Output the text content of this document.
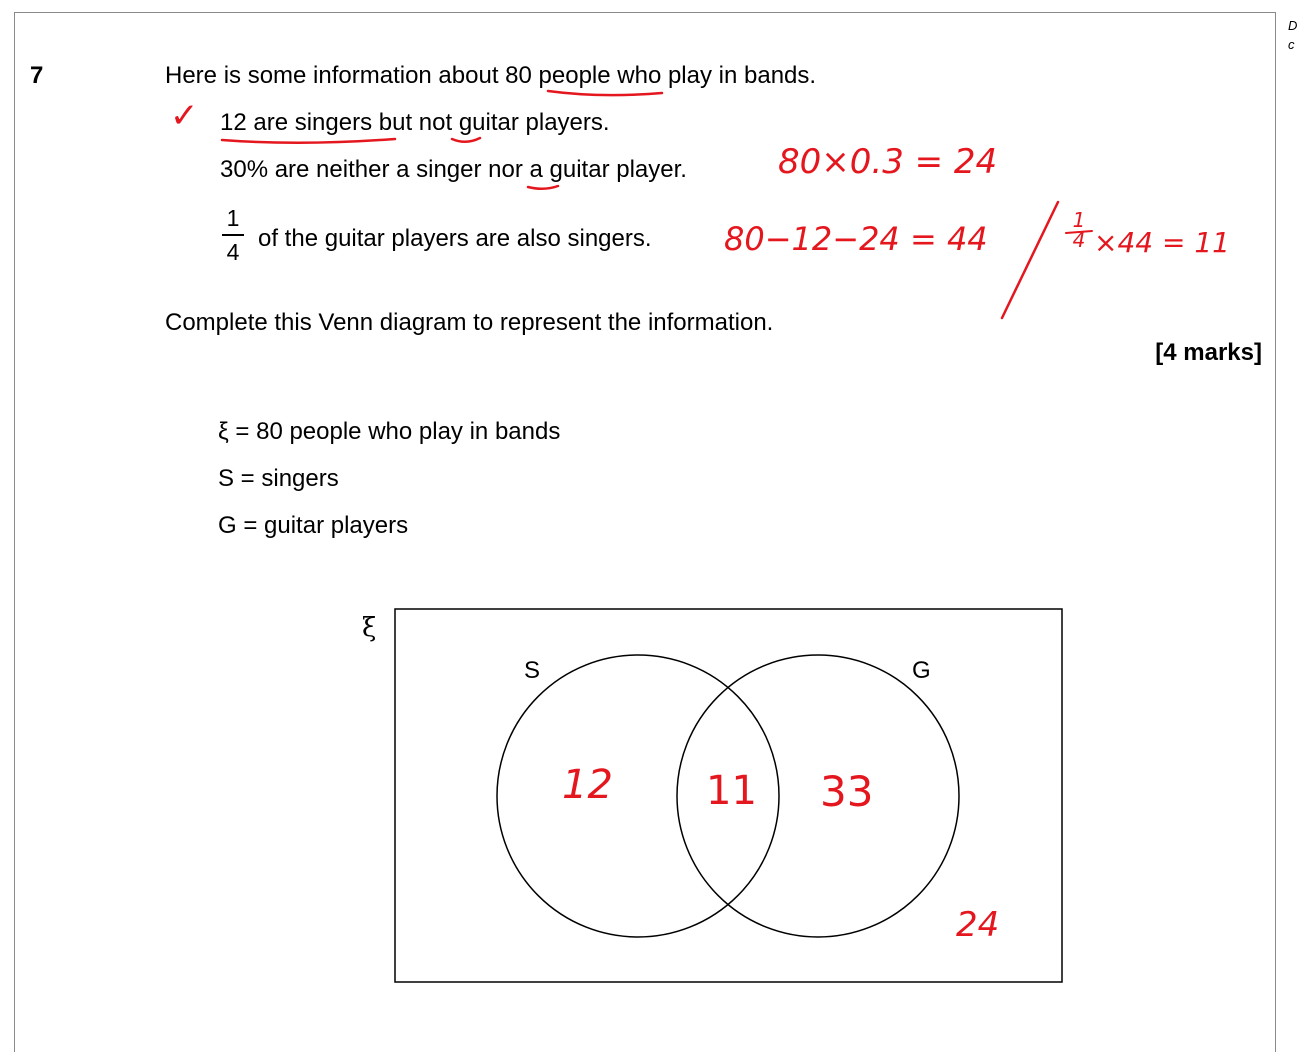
D
c
7	Here is some information about 80 people who play in bands.
12 are singers but not guitar players.
30% are neither a singer nor a guitar player.
1
4 of the guitar players are also singers.
Complete this Venn diagram to represent the information.
[4 marks]
ξ = 80 people who play in bands
S = singers
G = guitar players
✓
80×0.3 = 24
80−12−24 = 44	1
4 ×44 = 11
ξ
S	G
12 11 33
24
